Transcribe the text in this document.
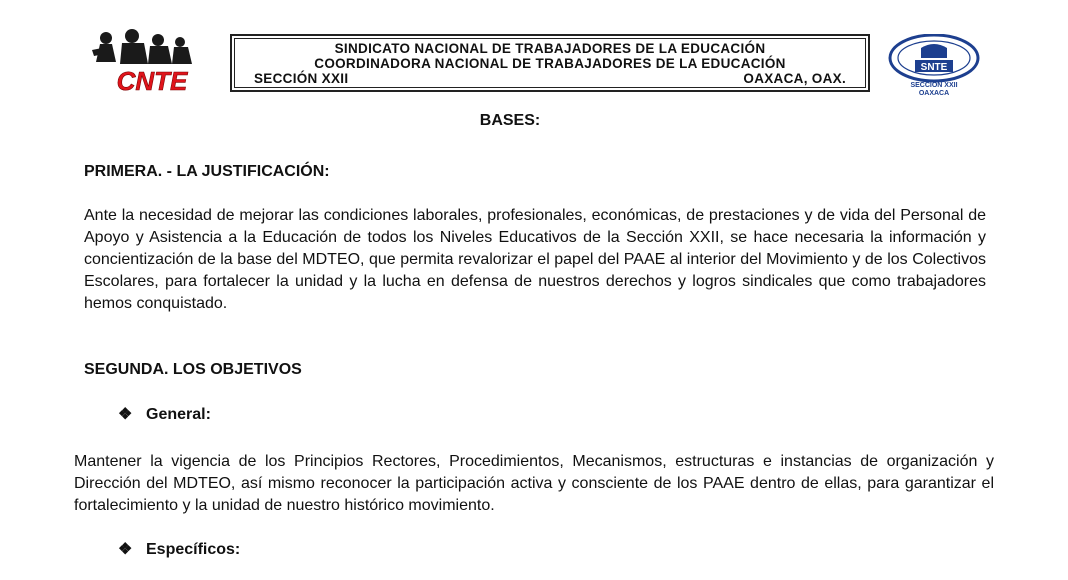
CNTE
SINDICATO NACIONAL DE TRABAJADORES DE LA EDUCACIÓN
COORDINADORA NACIONAL DE TRABAJADORES DE LA EDUCACIÓN
SECCIÓN XXII	OAXACA, OAX.
SNTE
SECCION XXII
OAXACA
BASES:
PRIMERA. - LA JUSTIFICACIÓN:

Ante la necesidad de mejorar las condiciones laborales, profesionales, económicas, de prestaciones y de vida del Personal de Apoyo y Asistencia a la Educación de todos los Niveles Educativos de la Sección XXII, se hace necesaria la información y concientización de la base del MDTEO, que permita revalorizar el papel del PAAE al interior del Movimiento y de los Colectivos Escolares, para fortalecer la unidad y la lucha en defensa de nuestros derechos y logros sindicales que como trabajadores hemos conquistado.

SEGUNDA. LOS OBJETIVOS
❖ General:

Mantener la vigencia de los Principios Rectores, Procedimientos, Mecanismos, estructuras e instancias de organización y Dirección del MDTEO, así mismo reconocer la participación activa y consciente de los PAAE dentro de ellas, para garantizar el fortalecimiento y la unidad de nuestro histórico movimiento.

❖ Específicos:
